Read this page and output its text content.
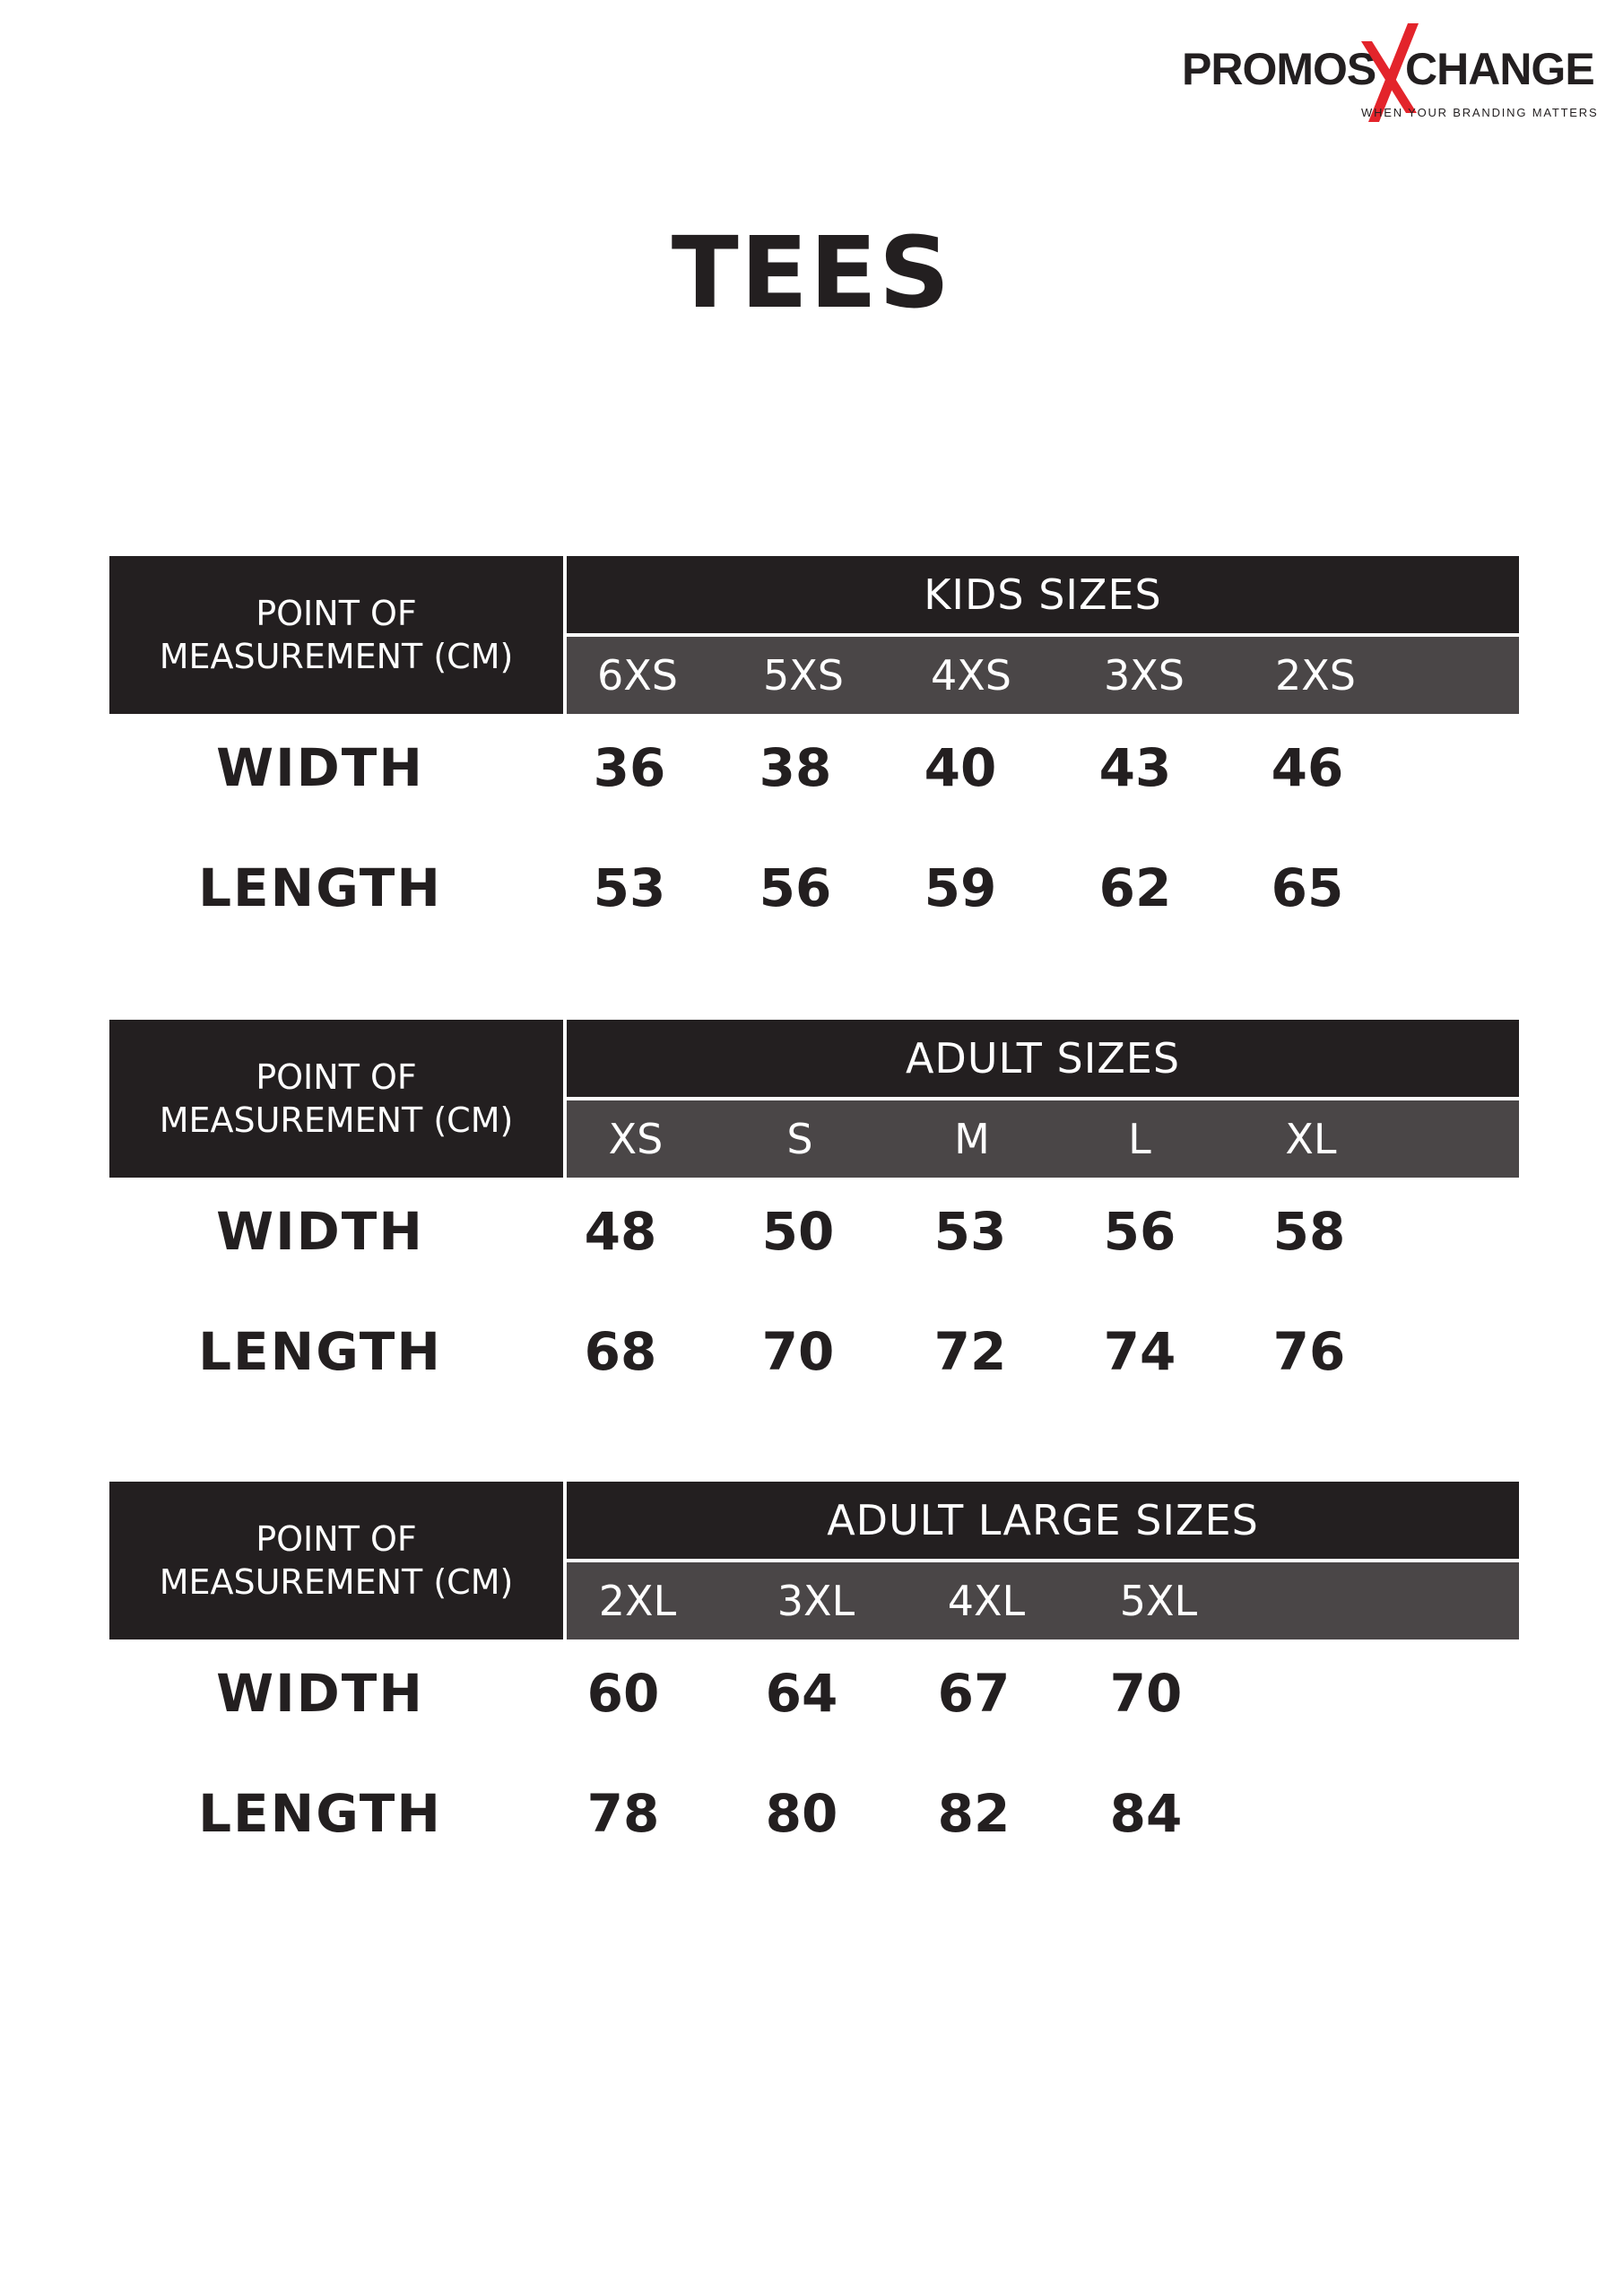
PROMOS CHANGE
WHEN YOUR BRANDING MATTERS
TEES
POINT OF
MEASUREMENT (CM)
KIDS SIZES
6XS	5XS	4XS	3XS	2XS
WIDTH	36	38	40	43	46
LENGTH	53	56	59	62	65
POINT OF
MEASUREMENT (CM)
ADULT SIZES
XS	S	M	L	XL
WIDTH	48	50	53	56	58
LENGTH	68	70	72	74	76
POINT OF
MEASUREMENT (CM)
ADULT LARGE SIZES
2XL	3XL	4XL	5XL
WIDTH	60	64	67	70
LENGTH	78	80	82	84
